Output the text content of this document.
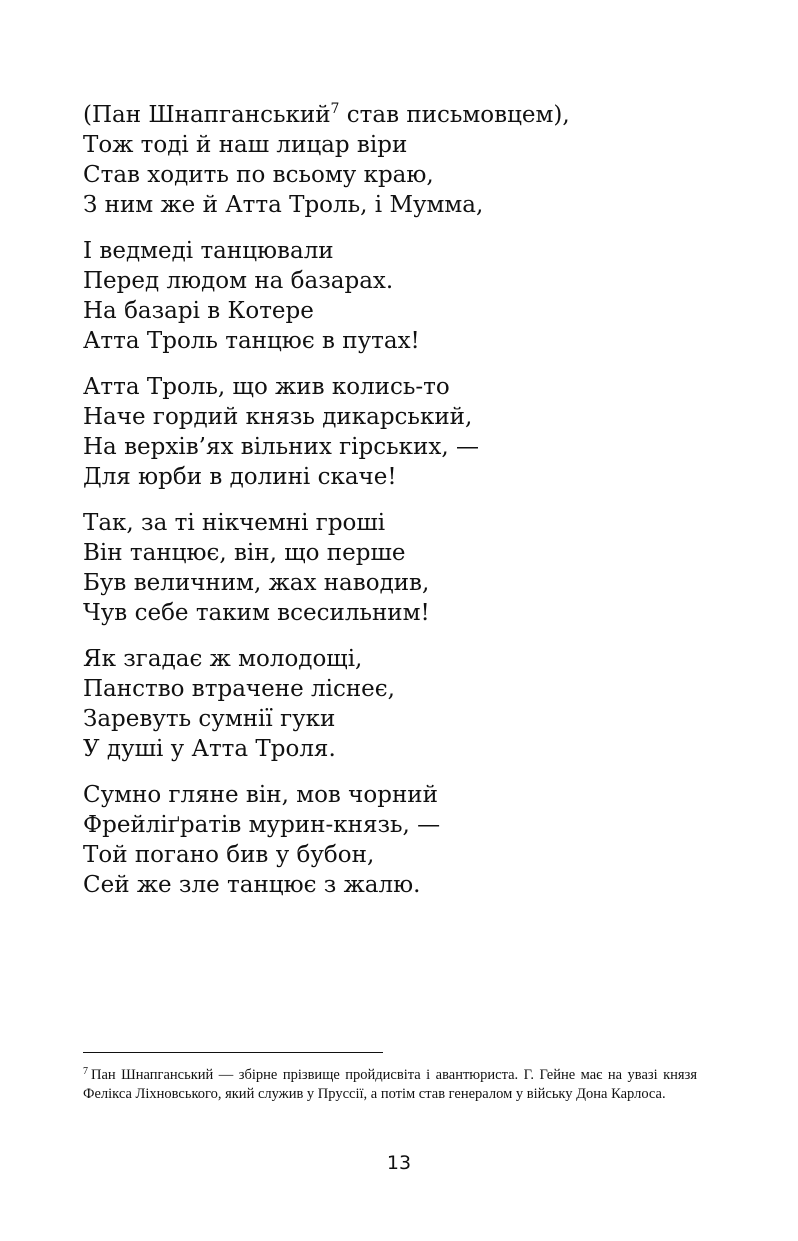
(Пан Шнапганський$^7$ став письмовцем),
Тож тоді й наш лицар віри
Став ходить по всьому краю,
З ним же й Атта Троль, і Мумма,
І ведмеді танцювали
Перед людом на базарах.
На базарі в Котере
Атта Троль танцює в путах!
Атта Троль, що жив колись-то
Наче гордий князь дикарський,
На верхів’ях вільних гірських, —
Для юрби в долині скаче!
Так, за ті нікчемні гроші
Він танцює, він, що перше
Був величним, жах наводив,
Чув себе таким всесильним!
Як згадає ж молодощі,
Панство втрачене ліснеє,
Заревуть сумнії гуки
У душі у Атта Троля.
Сумно гляне він, мов чорний
Фрейліґратів мурин-князь, —
Той погано бив у бубон,
Сей же зле танцює з жалю.
$^7$ Пан Шнапганський — збірне прізвище пройдисвіта і авантюриста. Г. Гейне має на увазі князя Фелікса Ліхновського, який служив у Пруссії, а потім став генералом у війську Дона Карлоса.
13
